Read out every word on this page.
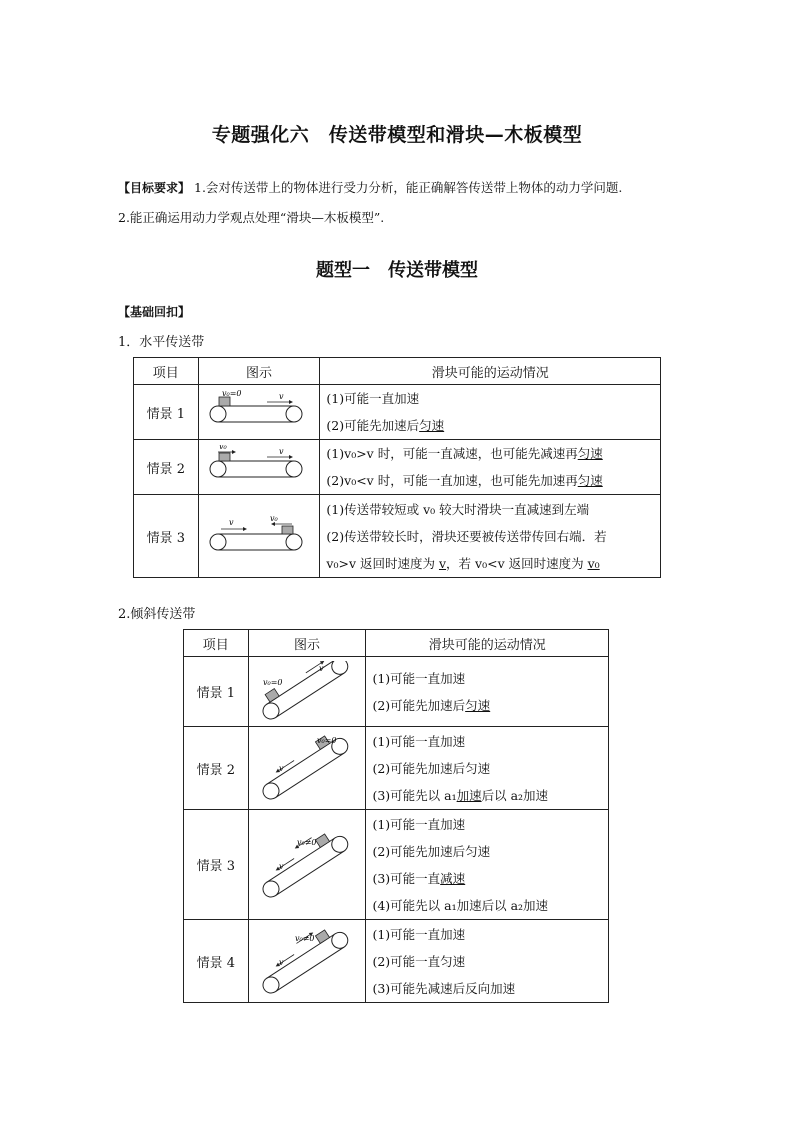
专题强化六　传送带模型和滑块—木板模型
【目标要求】 1.会对传送带上的物体进行受力分析，能正确解答传送带上物体的动力学问题.
2.能正确运用动力学观点处理“滑块—木板模型”.
题型一　传送带模型
【基础回扣】
1．水平传送带
项目	图示	滑块可能的运动情况
情景 1	v₀=0 v	(1)可能一直加速
(2)可能先加速后匀速

情景 2	v₀
v	(1)v₀>v 时，可能一直减速，也可能先减速再匀速
(2)v₀<v 时，可能一直加速，也可能先加速再匀速

情景 3	v₀
v	(1)传送带较短或 v₀ 较大时滑块一直减速到左端
(2)传送带较长时，滑块还要被传送带传回右端．若
v₀>v 返回时速度为 v，若 v₀<v 返回时速度为 v₀
2.倾斜传送带
项目	图示	滑块可能的运动情况
情景 1	v₀=0
v	(1)可能一直加速
(2)可能先加速后匀速

情景 2	v₀=0
v	(1)可能一直加速
(2)可能先加速后匀速
(3)可能先以 a₁加速后以 a₂加速

情景 3	v₀≠0
v	(1)可能一直加速
(2)可能先加速后匀速
(3)可能一直减速
(4)可能先以 a₁加速后以 a₂加速

情景 4	v₀≠0
v	(1)可能一直加速
(2)可能一直匀速
(3)可能先减速后反向加速
